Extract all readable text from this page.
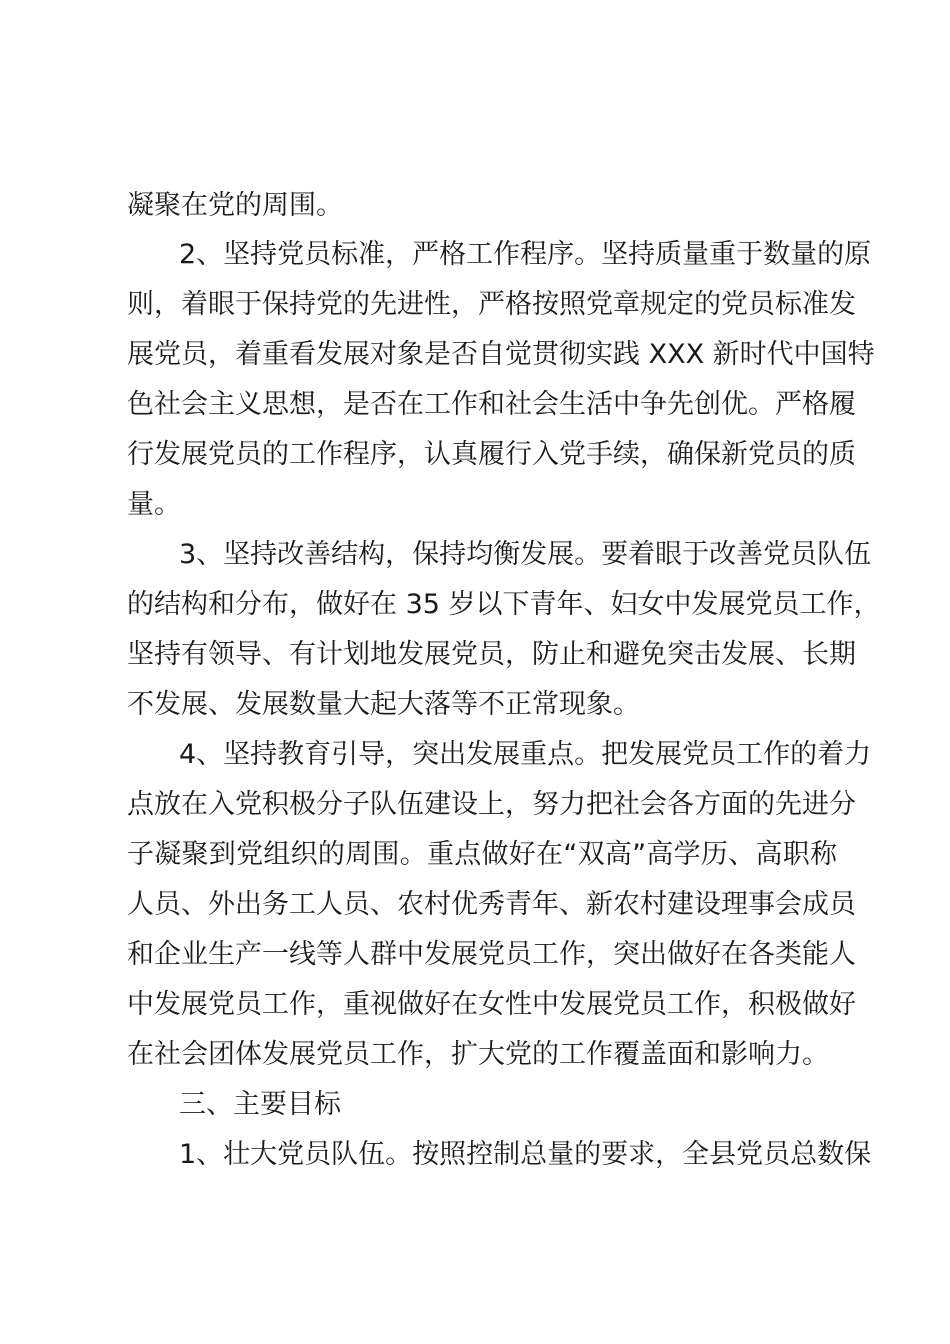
凝聚在党的周围。
2、坚持党员标准，严格工作程序。坚持质量重于数量的原
则，着眼于保持党的先进性，严格按照党章规定的党员标准发
展党员，着重看发展对象是否自觉贯彻实践 XXX 新时代中国特
色社会主义思想，是否在工作和社会生活中争先创优。严格履
行发展党员的工作程序，认真履行入党手续，确保新党员的质
量。
3、坚持改善结构，保持均衡发展。要着眼于改善党员队伍
的结构和分布，做好在 35 岁以下青年、妇女中发展党员工作，
坚持有领导、有计划地发展党员，防止和避免突击发展、长期
不发展、发展数量大起大落等不正常现象。
4、坚持教育引导，突出发展重点。把发展党员工作的着力
点放在入党积极分子队伍建设上，努力把社会各方面的先进分
子凝聚到党组织的周围。重点做好在“双高”高学历、高职称
人员、外出务工人员、农村优秀青年、新农村建设理事会成员
和企业生产一线等人群中发展党员工作，突出做好在各类能人
中发展党员工作，重视做好在女性中发展党员工作，积极做好
在社会团体发展党员工作，扩大党的工作覆盖面和影响力。
三、主要目标
1、壮大党员队伍。按照控制总量的要求，全县党员总数保
